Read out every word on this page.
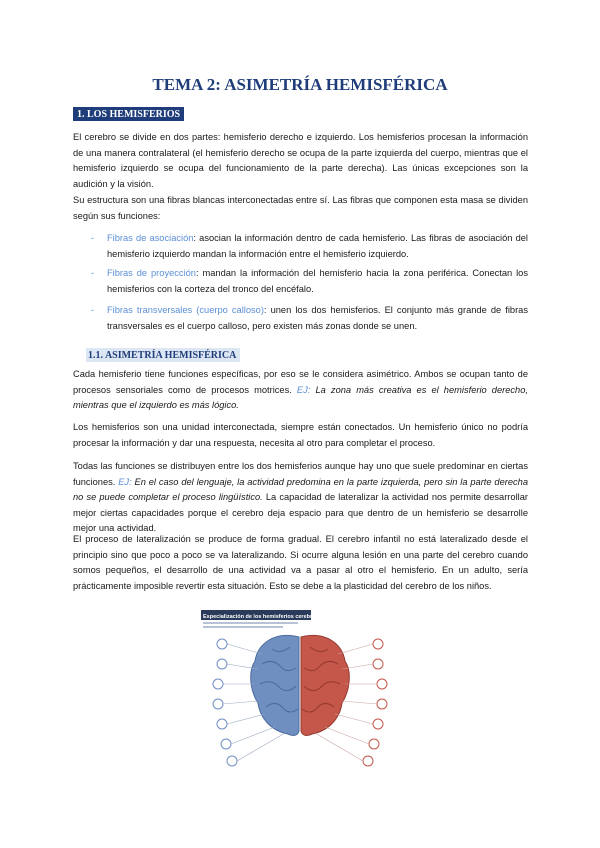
TEMA 2: ASIMETRÍA HEMISFÉRICA
1. LOS HEMISFERIOS

El cerebro se divide en dos partes: hemisferio derecho e izquierdo. Los hemisferios procesan la información de una manera contralateral (el hemisferio derecho se ocupa de la parte izquierda del cuerpo, mientras que el hemisferio izquierdo se ocupa del funcionamiento de la parte derecha). Las únicas excepciones son la audición y la visión.

Su estructura son una fibras blancas interconectadas entre sí. Las fibras que componen esta masa se dividen según sus funciones:

- Fibras de asociación: asocian la información dentro de cada hemisferio. Las fibras de asociación del hemisferio izquierdo mandan la información entre el hemisferio izquierdo.
- Fibras de proyección: mandan la información del hemisferio hacia la zona periférica. Conectan los hemisferios con la corteza del tronco del encéfalo.
- Fibras transversales (cuerpo calloso): unen los dos hemisferios. El conjunto más grande de fibras transversales es el cuerpo calloso, pero existen más zonas donde se unen.
1.1. ASIMETRÍA HEMISFÉRICA

Cada hemisferio tiene funciones específicas, por eso se le considera asimétrico. Ambos se ocupan tanto de procesos sensoriales como de procesos motrices. EJ: La zona más creativa es el hemisferio derecho, mientras que el izquierdo es más lógico.

Los hemisferios son una unidad interconectada, siempre están conectados. Un hemisferio único no podría procesar la información y dar una respuesta, necesita al otro para completar el proceso.

Todas las funciones se distribuyen entre los dos hemisferios aunque hay uno que suele predominar en ciertas funciones. EJ: En el caso del lenguaje, la actividad predomina en la parte izquierda, pero sin la parte derecha no se puede completar el proceso lingüístico. La capacidad de lateralizar la actividad nos permite desarrollar mejor ciertas capacidades porque el cerebro deja espacio para que dentro de un hemisferio se desarrolle mejor una actividad.

El proceso de lateralización se produce de forma gradual. El cerebro infantil no está lateralizado desde el principio sino que poco a poco se va lateralizando. Si ocurre alguna lesión en una parte del cerebro cuando somos pequeños, el desarrollo de una actividad va a pasar al otro el hemisferio. En un adulto, sería prácticamente imposible revertir esta situación. Esto se debe a la plasticidad del cerebro de los niños.

Especialización de los hemisferios cerebrales
